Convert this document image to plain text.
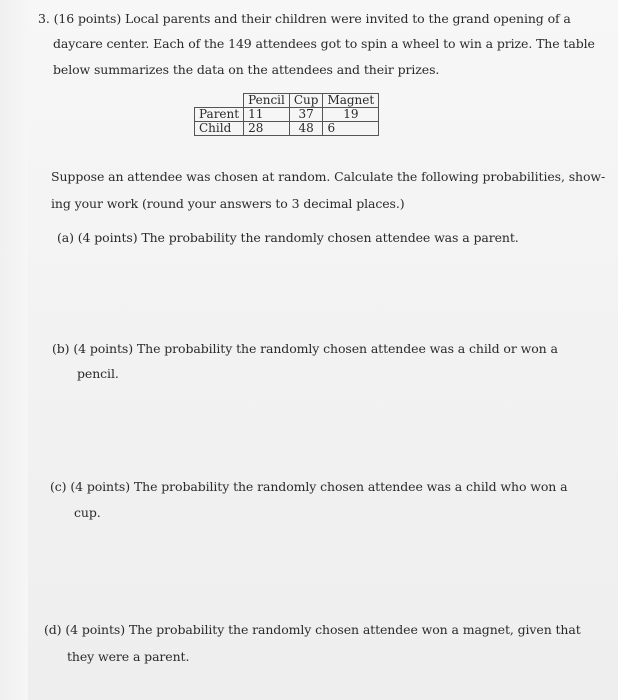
3. (16 points) Local parents and their children were invited to the grand opening of a
daycare center. Each of the 149 attendees got to spin a wheel to win a prize. The table
below summarizes the data on the attendees and their prizes.
	Pencil	Cup	Magnet
Parent	11	37	19
Child	28	48	6
Suppose an attendee was chosen at random. Calculate the following probabilities, show-
ing your work (round your answers to 3 decimal places.)
(a) (4 points) The probability the randomly chosen attendee was a parent.
(b) (4 points) The probability the randomly chosen attendee was a child or won a
pencil.
(c) (4 points) The probability the randomly chosen attendee was a child who won a
cup.
(d) (4 points) The probability the randomly chosen attendee won a magnet, given that
they were a parent.
